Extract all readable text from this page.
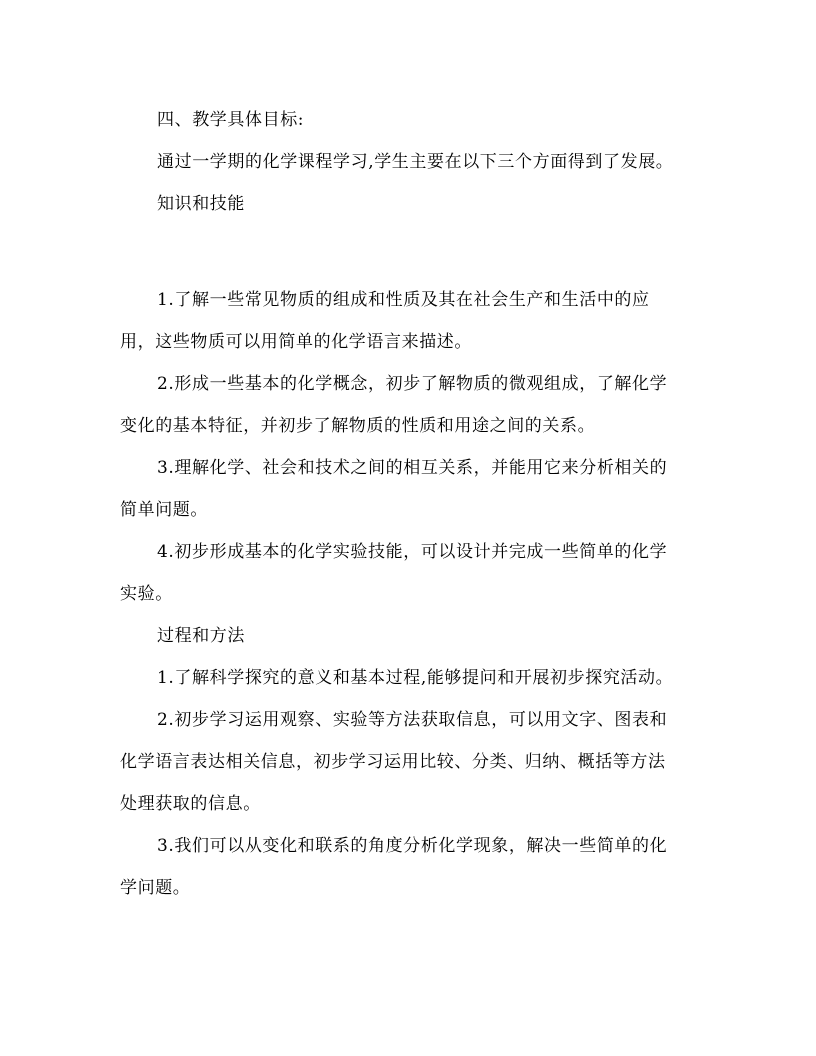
四、教学具体目标:
通过一学期的化学课程学习,学生主要在以下三个方面得到了发展。
知识和技能
1.了解一些常见物质的组成和性质及其在社会生产和生活中的应
用，这些物质可以用简单的化学语言来描述。
2.形成一些基本的化学概念，初步了解物质的微观组成，了解化学
变化的基本特征，并初步了解物质的性质和用途之间的关系。
3.理解化学、社会和技术之间的相互关系，并能用它来分析相关的
简单问题。
4.初步形成基本的化学实验技能，可以设计并完成一些简单的化学
实验。
过程和方法
1.了解科学探究的意义和基本过程,能够提问和开展初步探究活动。
2.初步学习运用观察、实验等方法获取信息，可以用文字、图表和
化学语言表达相关信息，初步学习运用比较、分类、归纳、概括等方法
处理获取的信息。
3.我们可以从变化和联系的角度分析化学现象，解决一些简单的化
学问题。
